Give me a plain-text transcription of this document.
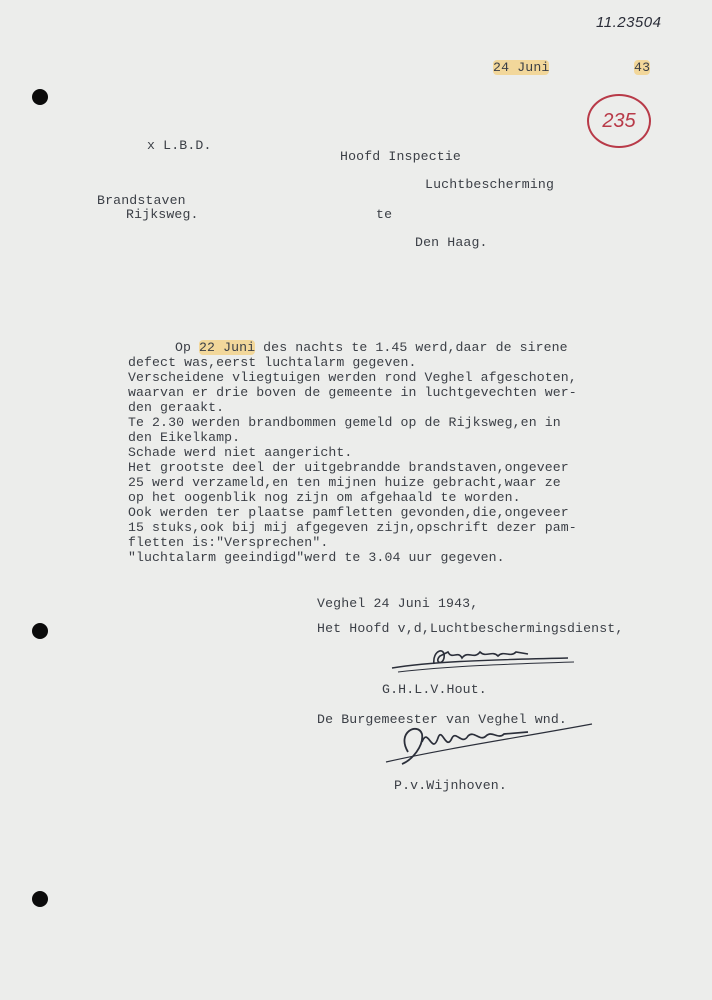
11.23504
24 Juni	43
235
x L.B.D.
Hoofd Inspectie
Luchtbescherming
Brandstaven
Rijksweg.	te
Den Haag.
Op 22 Juni des nachts te 1.45 werd,daar de sirene
defect was,eerst luchtalarm gegeven.
Verscheidene vliegtuigen werden rond Veghel afgeschoten,
waarvan er drie boven de gemeente in luchtgevechten wer-
den geraakt.
Te 2.30 werden brandbommen gemeld op de Rijksweg,en in
den Eikelkamp.
Schade werd niet aangericht.
Het grootste deel der uitgebrandde brandstaven,ongeveer
25 werd verzameld,en ten mijnen huize gebracht,waar ze
op het oogenblik nog zijn om afgehaald te worden.
Ook werden ter plaatse pamfletten gevonden,die,ongeveer
15 stuks,ook bij mij afgegeven zijn,opschrift dezer pam-
fletten is:"Versprechen".
"luchtalarm geeindigd"werd te 3.04 uur gegeven.
Veghel 24 Juni 1943,
Het Hoofd v,d,Luchtbeschermingsdienst,
G.H.L.V.Hout.
De Burgemeester van Veghel wnd.
P.v.Wijnhoven.
